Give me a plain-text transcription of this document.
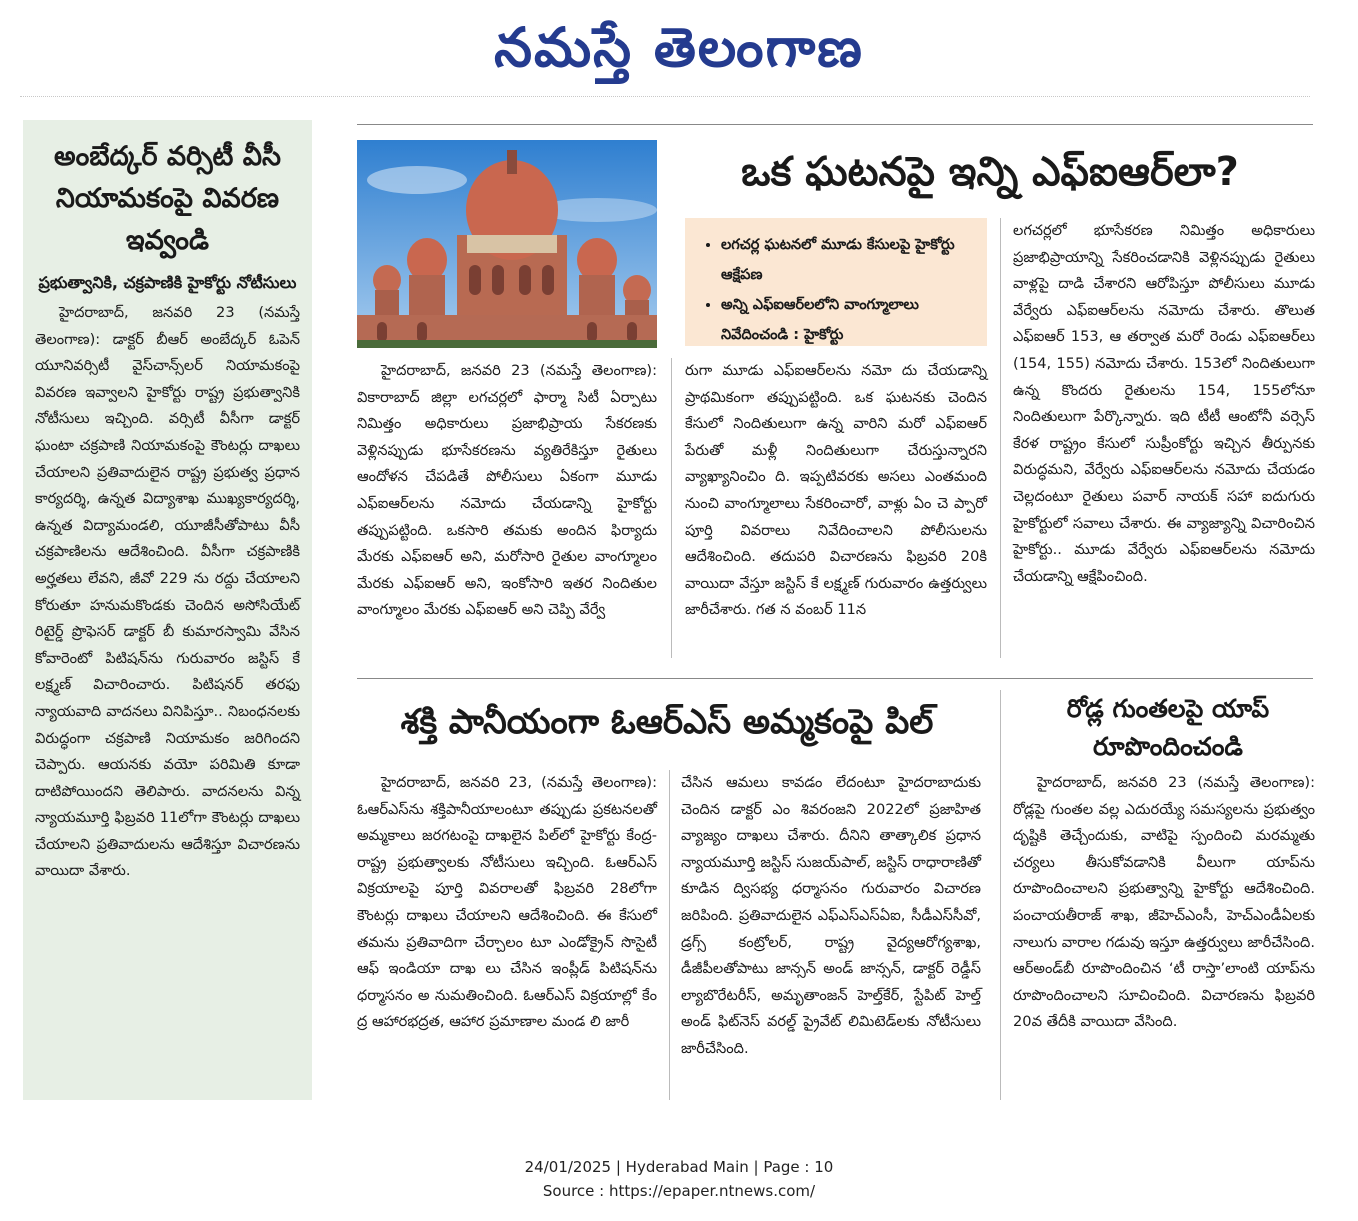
నమస్తే తెలంగాణ
అంబేద్కర్ వర్సిటీ వీసీ నియామకంపై వివరణ ఇవ్వండి
ప్రభుత్వానికి, చక్రపాణికి హైకోర్టు నోటీసులు

హైదరాబాద్, జనవరి 23 (నమస్తే తెలంగాణ): డాక్టర్ బీఆర్ అంబేద్కర్ ఓపెన్ యూనివర్సిటీ వైస్‌చాన్స్‌లర్ నియామకంపై వివరణ ఇవ్వాలని హైకోర్టు రాష్ట్ర ప్రభుత్వానికి నోటీసులు ఇచ్చింది. వర్సిటీ వీసీగా డాక్టర్ ఘంటా చక్రపాణి నియామకంపై కౌంటర్లు దాఖలు చేయాలని ప్రతివాదులైన రాష్ట్ర ప్రభుత్వ ప్రధాన కార్యదర్శి, ఉన్నత విద్యాశాఖ ముఖ్యకార్యదర్శి, ఉన్నత విద్యామండలి, యూజీసీతోపాటు వీసీ చక్రపాణిలను ఆదేశించింది. వీసీగా చక్రపాణికి అర్హతలు లేవని, జీవో 229 ను రద్దు చేయాలని కోరుతూ హనుమకొండకు చెందిన అసోసియేట్ రిటైర్డ్ ప్రొఫెసర్ డాక్టర్ బీ కుమారస్వామి వేసిన కోవారెంటో పిటిషన్‌ను గురువారం జస్టిస్ కే లక్ష్మణ్ విచారించారు. పిటిషనర్ తరఫు న్యాయవాది వాదనలు వినిపిస్తూ.. నిబంధనలకు విరుద్ధంగా చక్రపాణి నియామకం జరిగిందని చెప్పారు. ఆయనకు వయో పరిమితి కూడా దాటిపోయిందని తెలిపారు. వాదనలను విన్న న్యాయమూర్తి ఫిబ్రవరి 11లోగా కౌంటర్లు దాఖలు చేయాలని ప్రతివాదులను ఆదేశిస్తూ విచారణను వాయిదా వేశారు.

ఒక ఘటనపై ఇన్ని ఎఫ్ఐఆర్‌లా?
• లగచర్ల ఘటనలో మూడు కేసులపై హైకోర్టు ఆక్షేపణ
• అన్ని ఎఫ్ఐఆర్‌లలోని వాంగ్మూలాలు నివేదించండి : హైకోర్టు

హైదరాబాద్, జనవరి 23 (నమస్తే తెలంగాణ): వికారాబాద్ జిల్లా లగచర్లలో ఫార్మా సిటీ ఏర్పాటు నిమిత్తం అధికారులు ప్రజాభిప్రాయ సేకరణకు వెళ్లినప్పుడు భూసేకరణను వ్యతిరేకిస్తూ రైతులు ఆందోళన చేపడితే పోలీసులు ఏకంగా మూడు ఎఫ్ఐఆర్‌లను నమోదు చేయడాన్ని హైకోర్టు తప్పుపట్టింది. ఒకసారి తమకు అందిన ఫిర్యాదు మేరకు ఎఫ్ఐఆర్ అని, మరోసారి రైతుల వాంగ్మూలం మేరకు ఎఫ్ఐఆర్ అని, ఇంకోసారి ఇతర నిందితుల వాంగ్మూలం మేరకు ఎఫ్ఐఆర్ అని చెప్పి వేర్వే

రుగా మూడు ఎఫ్ఐఆర్‌లను నమో దు చేయడాన్ని ప్రాథమికంగా తప్పుపట్టింది. ఒక ఘటనకు చెందిన కేసులో నిందితులుగా ఉన్న వారిని మరో ఎఫ్ఐఆర్ పేరుతో మళ్లీ నిందితులుగా చేరుస్తున్నారని వ్యాఖ్యానించిం ది. ఇప్పటివరకు అసలు ఎంతమంది నుంచి వాంగ్మూలాలు సేకరించారో, వాళ్లు ఏం చె ప్పారో పూర్తి వివరాలు నివేదించాలని పోలీసులను ఆదేశించింది. తదుపరి విచారణను ఫిబ్రవరి 20కి వాయిదా వేస్తూ జస్టిస్ కే లక్ష్మణ్ గురువారం ఉత్తర్వులు జారీచేశారు. గత న వంబర్ 11న

లగచర్లలో భూసేకరణ నిమిత్తం అధికారులు ప్రజాభిప్రాయాన్ని సేకరించడానికి వెళ్లినప్పుడు రైతులు వాళ్లపై దాడి చేశారని ఆరోపిస్తూ పోలీసులు మూడు వేర్వేరు ఎఫ్ఐఆర్‌లను నమోదు చేశారు. తొలుత ఎఫ్ఐఆర్ 153, ఆ తర్వాత మరో రెండు ఎఫ్ఐఆర్‌లు (154, 155) నమోదు చేశారు. 153లో నిందితులుగా ఉన్న కొందరు రైతులను 154, 155లోనూ నిందితులుగా పేర్కొన్నారు. ఇది టీటీ ఆంటోనీ వర్సెస్ కేరళ రాష్ట్రం కేసులో సుప్రీంకోర్టు ఇచ్చిన తీర్పునకు విరుద్ధమని, వేర్వేరు ఎఫ్ఐఆర్‌లను నమోదు చేయడం చెల్లదంటూ రైతులు పవార్ నాయక్ సహా ఐదుగురు హైకోర్టులో సవాలు చేశారు. ఈ వ్యాజ్యాన్ని విచారించిన హైకోర్టు.. మూడు వేర్వేరు ఎఫ్ఐఆర్‌లను నమోదు చేయడాన్ని ఆక్షేపించింది.

శక్తి పానీయంగా ఓఆర్ఎస్ అమ్మకంపై పిల్

హైదరాబాద్, జనవరి 23, (నమస్తే తెలంగాణ): ఓఆర్ఎస్‌ను శక్తిపానీయాలంటూ తప్పుడు ప్రకటనలతో అమ్మకాలు జరగటంపై దాఖలైన పిల్‌లో హైకోర్టు కేంద్ర-రాష్ట్ర ప్రభుత్వాలకు నోటీసులు ఇచ్చింది. ఓఆర్ఎస్ విక్రయాలపై పూర్తి వివరాలతో ఫిబ్రవరి 28లోగా కౌంటర్లు దాఖలు చేయాలని ఆదేశించింది. ఈ కేసులో తమను ప్రతివాదిగా చేర్చాలం టూ ఎండోక్రైన్ సొసైటీ ఆఫ్ ఇండియా దాఖ లు చేసిన ఇంప్లీడ్ పిటిషన్‌ను ధర్మాసనం అ నుమతించింది. ఓఆర్ఎస్ విక్రయాల్లో కేం ద్ర ఆహారభద్రత, ఆహార ప్రమాణాల మండ లి జారీ

చేసిన ఆమలు కావడం లేదంటూ హైదరాబాదుకు చెందిన డాక్టర్ ఎం శివరంజని 2022లో ప్రజాహిత వ్యాజ్యం దాఖలు చేశారు. దీనిని తాత్కాలిక ప్రధాన న్యాయమూర్తి జస్టిస్ సుజయ్‌పాల్, జస్టిస్ రాధారాణితో కూడిన ద్విసభ్య ధర్మాసనం గురువారం విచారణ జరిపింది. ప్రతివాదులైన ఎఫ్ఎస్ఎస్ఏఐ, సీడీఎస్‌సీవో, డ్రగ్స్ కంట్రోలర్, రాష్ట్ర వైద్యఆరోగ్యశాఖ, డీజీపీలతోపాటు జాన్సన్ అండ్ జాన్సన్, డాక్టర్ రెడ్డీస్ ల్యాబొరేటరీస్, అమృతాంజన్ హెల్త్‌కేర్, స్టేపిట్ హెల్త్ అండ్ ఫిట్‌నెస్ వరల్డ్ ప్రైవేట్ లిమిటెడ్‌లకు నోటీసులు జారీచేసింది.

రోడ్ల గుంతలపై యాప్ రూపొందించండి

హైదరాబాద్, జనవరి 23 (నమస్తే తెలంగాణ): రోడ్లపై గుంతల వల్ల ఎదురయ్యే సమస్యలను ప్రభుత్వం దృష్టికి తెచ్చేందుకు, వాటిపై స్పందించి మరమ్మతు చర్యలు తీసుకోవడానికి వీలుగా యాప్‌ను రూపొందించాలని ప్రభుత్వాన్ని హైకోర్టు ఆదేశించింది. పంచాయతీరాజ్ శాఖ, జీహెచ్ఎంసీ, హెచ్ఎండీఏలకు నాలుగు వారాల గడువు ఇస్తూ ఉత్తర్వులు జారీచేసింది. ఆర్అండ్‌బీ రూపొందించిన ‘టీ రాస్తా’లాంటి యాప్‌ను రూపొందించాలని సూచించింది. విచారణను ఫిబ్రవరి 20వ తేదీకి వాయిదా వేసింది.

24/01/2025 | Hyderabad Main | Page : 10
Source : https://epaper.ntnews.com/
